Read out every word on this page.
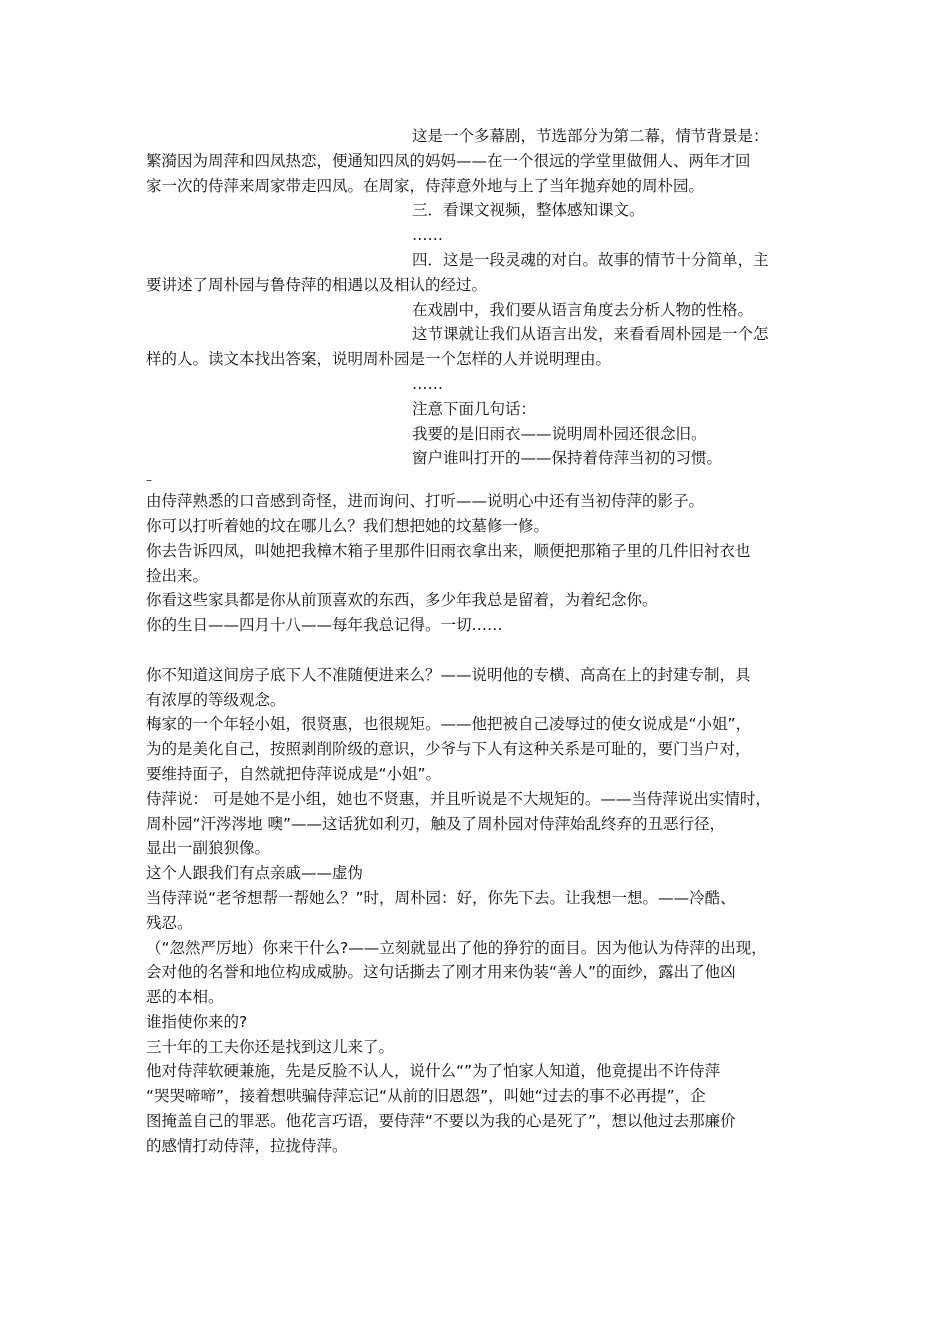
这是一个多幕剧，节选部分为第二幕，情节背景是：
繁漪因为周萍和四凤热恋，便通知四凤的妈妈——在一个很远的学堂里做佣人、两年才回
家一次的侍萍来周家带走四凤。在周家，侍萍意外地与上了当年抛弃她的周朴园。
三．看课文视频，整体感知课文。
……
四．这是一段灵魂的对白。故事的情节十分简单，主
要讲述了周朴园与鲁侍萍的相遇以及相认的经过。
在戏剧中，我们要从语言角度去分析人物的性格。
这节课就让我们从语言出发，来看看周朴园是一个怎
样的人。读文本找出答案，说明周朴园是一个怎样的人并说明理由。
……
注意下面几句话：
我要的是旧雨衣——说明周朴园还很念旧。
窗户谁叫打开的——保持着侍萍当初的习惯。
–
由侍萍熟悉的口音感到奇怪，进而询问、打听——说明心中还有当初侍萍的影子。
你可以打听着她的坟在哪儿么？我们想把她的坟墓修一修。
你去告诉四凤，叫她把我樟木箱子里那件旧雨衣拿出来，顺便把那箱子里的几件旧衬衣也
捡出来。
你看这些家具都是你从前顶喜欢的东西，多少年我总是留着，为着纪念你。
你的生日——四月十八——每年我总记得。一切……
你不知道这间房子底下人不准随便进来么？——说明他的专横、高高在上的封建专制，具
有浓厚的等级观念。
梅家的一个年轻小姐，很贤惠，也很规矩。——他把被自己凌辱过的使女说成是“小姐”，
为的是美化自己，按照剥削阶级的意识，少爷与下人有这种关系是可耻的，要门当户对，
要维持面子，自然就把侍萍说成是“小姐”。
侍萍说： 可是她不是小组，她也不贤惠，并且听说是不大规矩的。——当侍萍说出实情时，
周朴园“汗涔涔地 噢”——这话犹如利刃，触及了周朴园对侍萍始乱终弃的丑恶行径，
显出一副狼狈像。
这个人跟我们有点亲戚——虚伪
当侍萍说“老爷想帮一帮她么？”时，周朴园：好，你先下去。让我想一想。——冷酷、
残忍。
（“忽然严厉地）你来干什么?——立刻就显出了他的狰狞的面目。因为他认为侍萍的出现，
会对他的名誉和地位构成威胁。这句话撕去了刚才用来伪装“善人”的面纱，露出了他凶
恶的本相。
谁指使你来的?
三十年的工夫你还是找到这儿来了。
他对侍萍软硬兼施，先是反脸不认人，说什么“”为了怕家人知道，他竟提出不许侍萍
“哭哭啼啼”，接着想哄骗侍萍忘记“从前的旧恩怨”，叫她“过去的事不必再提”，企
图掩盖自己的罪恶。他花言巧语，要侍萍“不要以为我的心是死了”，想以他过去那廉价
的感情打动侍萍，拉拢侍萍。
